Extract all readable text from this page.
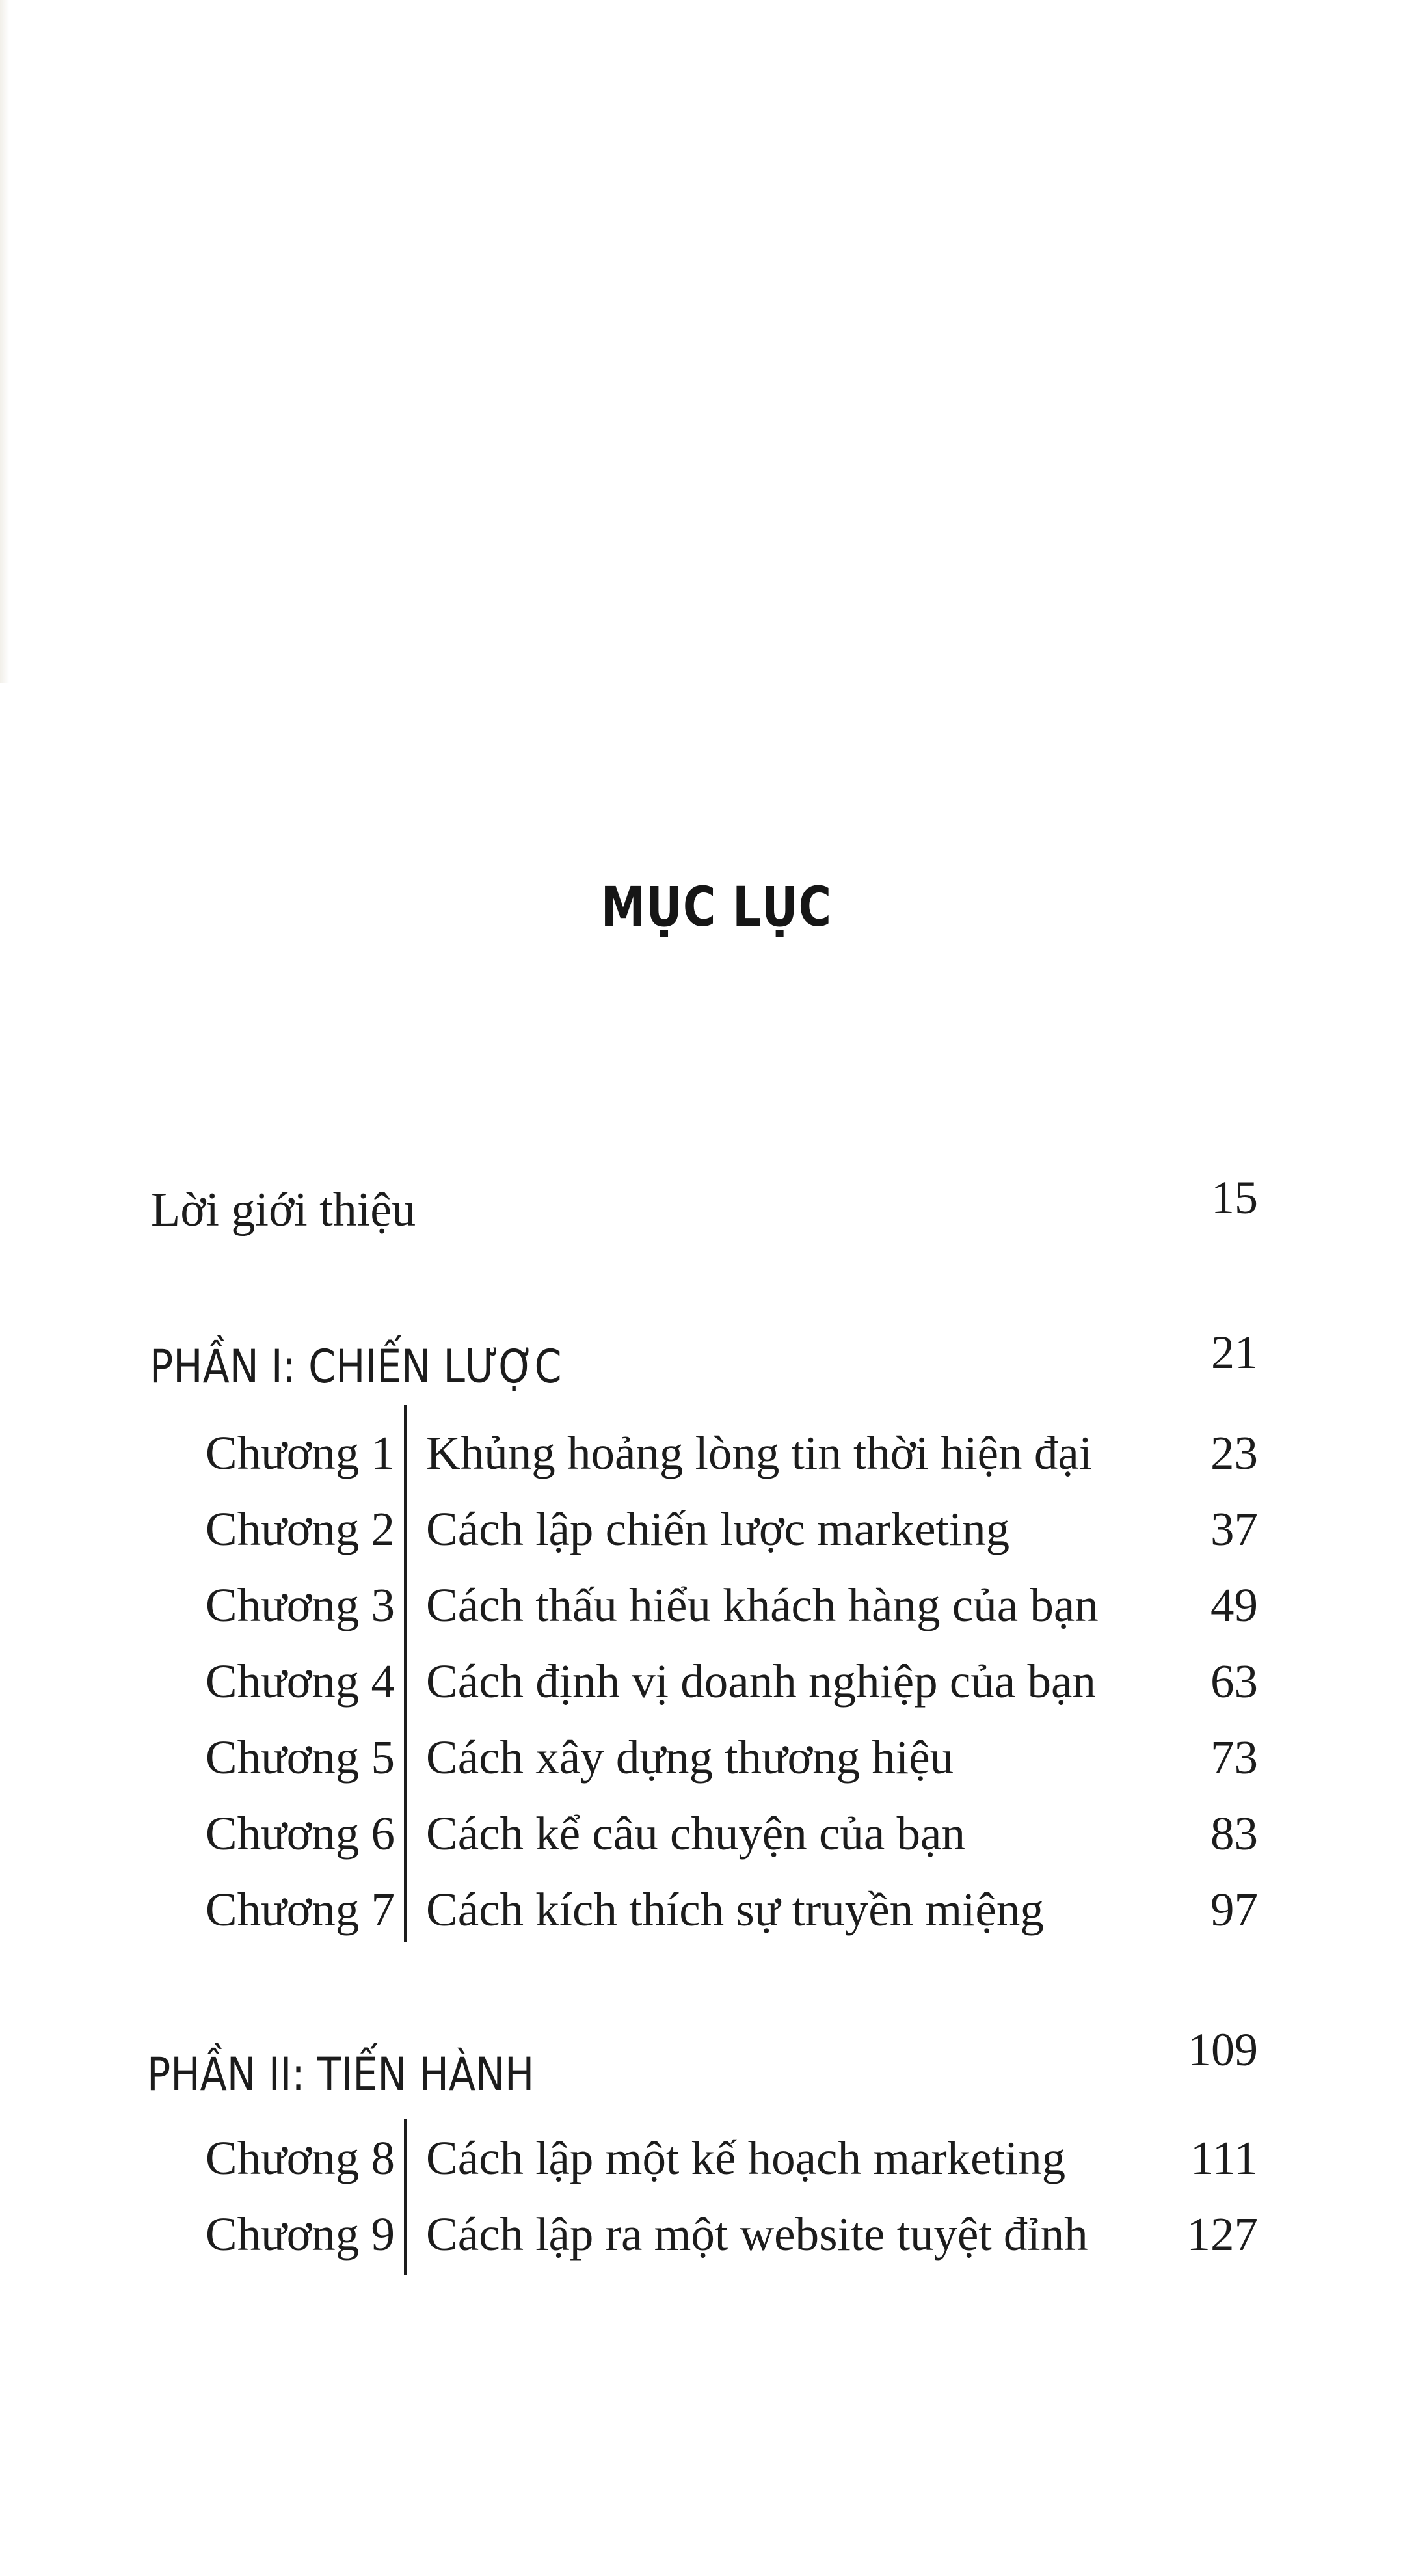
MỤC LỤC
Lời giới thiệu	15
PHẦN I: CHIẾN LƯỢC	21
Chương 1 Khủng hoảng lòng tin thời hiện đại 23
Chương 2 Cách lập chiến lược marketing	37
Chương 3 Cách thấu hiểu khách hàng của bạn 49
Chương 4 Cách định vị doanh nghiệp của bạn 63
Chương 5 Cách xây dựng thương hiệu	73
Chương 6 Cách kể câu chuyện của bạn	83
Chương 7 Cách kích thích sự truyền miệng	97
PHẦN II: TIẾN HÀNH	109
Chương 8 Cách lập một kế hoạch marketing	111
Chương 9 Cách lập ra một website tuyệt đỉnh 127
